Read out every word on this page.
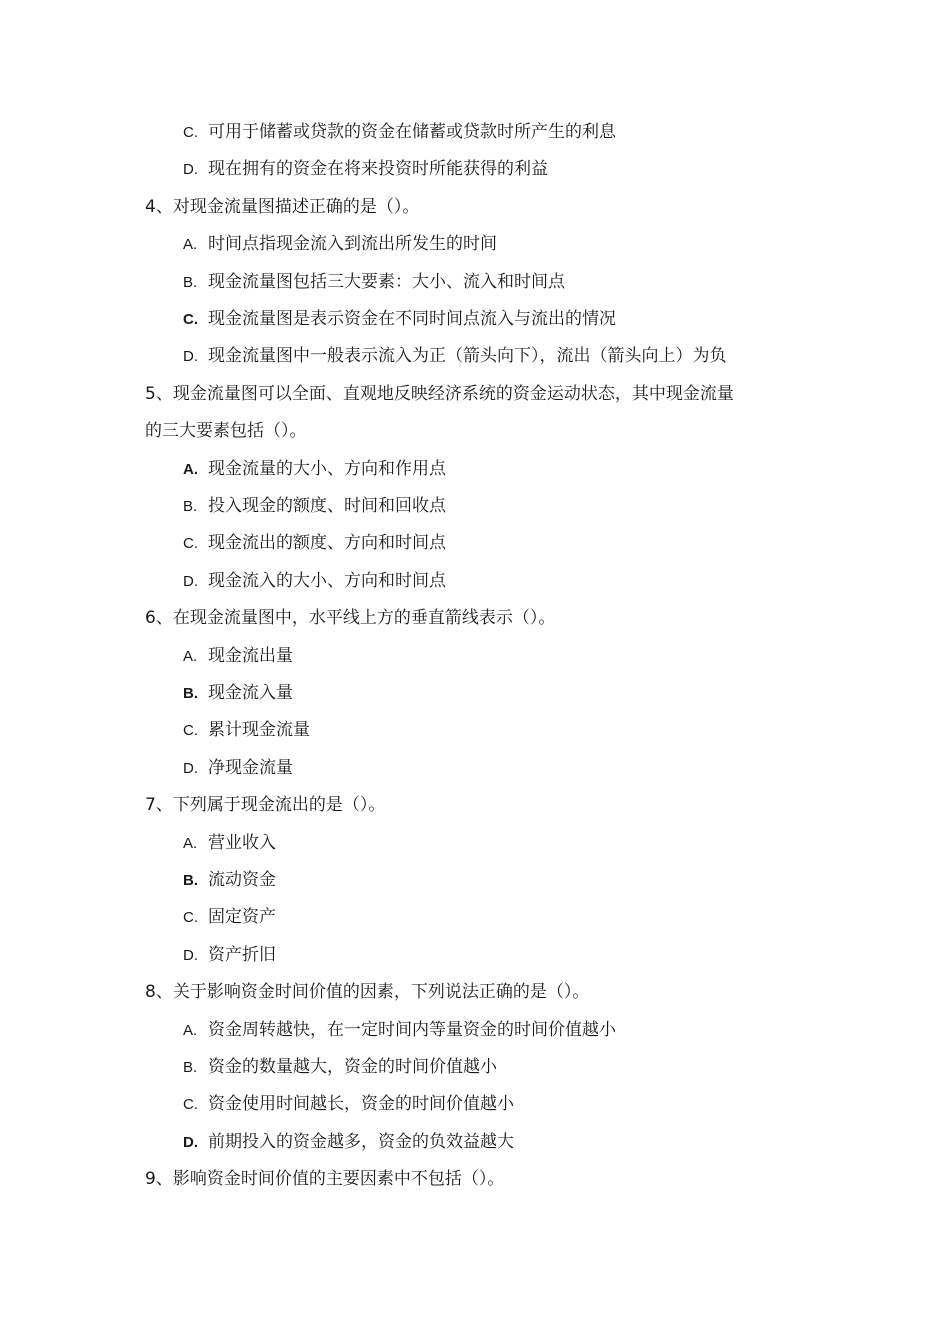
C. 可用于储蓄或贷款的资金在储蓄或贷款时所产生的利息
D. 现在拥有的资金在将来投资时所能获得的利益
4、对现金流量图描述正确的是（）。
A. 时间点指现金流入到流出所发生的时间
B. 现金流量图包括三大要素：大小、流入和时间点
C. 现金流量图是表示资金在不同时间点流入与流出的情况
D. 现金流量图中一般表示流入为正（箭头向下），流出（箭头向上）为负
5、现金流量图可以全面、直观地反映经济系统的资金运动状态，其中现金流量
的三大要素包括（）。
A. 现金流量的大小、方向和作用点
B. 投入现金的额度、时间和回收点
C. 现金流出的额度、方向和时间点
D. 现金流入的大小、方向和时间点
6、在现金流量图中，水平线上方的垂直箭线表示（）。
A. 现金流出量
B. 现金流入量
C. 累计现金流量
D. 净现金流量
7、下列属于现金流出的是（）。
A. 营业收入
B. 流动资金
C. 固定资产
D. 资产折旧
8、关于影响资金时间价值的因素，下列说法正确的是（）。
A. 资金周转越快，在一定时间内等量资金的时间价值越小
B. 资金的数量越大，资金的时间价值越小
C. 资金使用时间越长，资金的时间价值越小
D. 前期投入的资金越多，资金的负效益越大
9、影响资金时间价值的主要因素中不包括（）。
